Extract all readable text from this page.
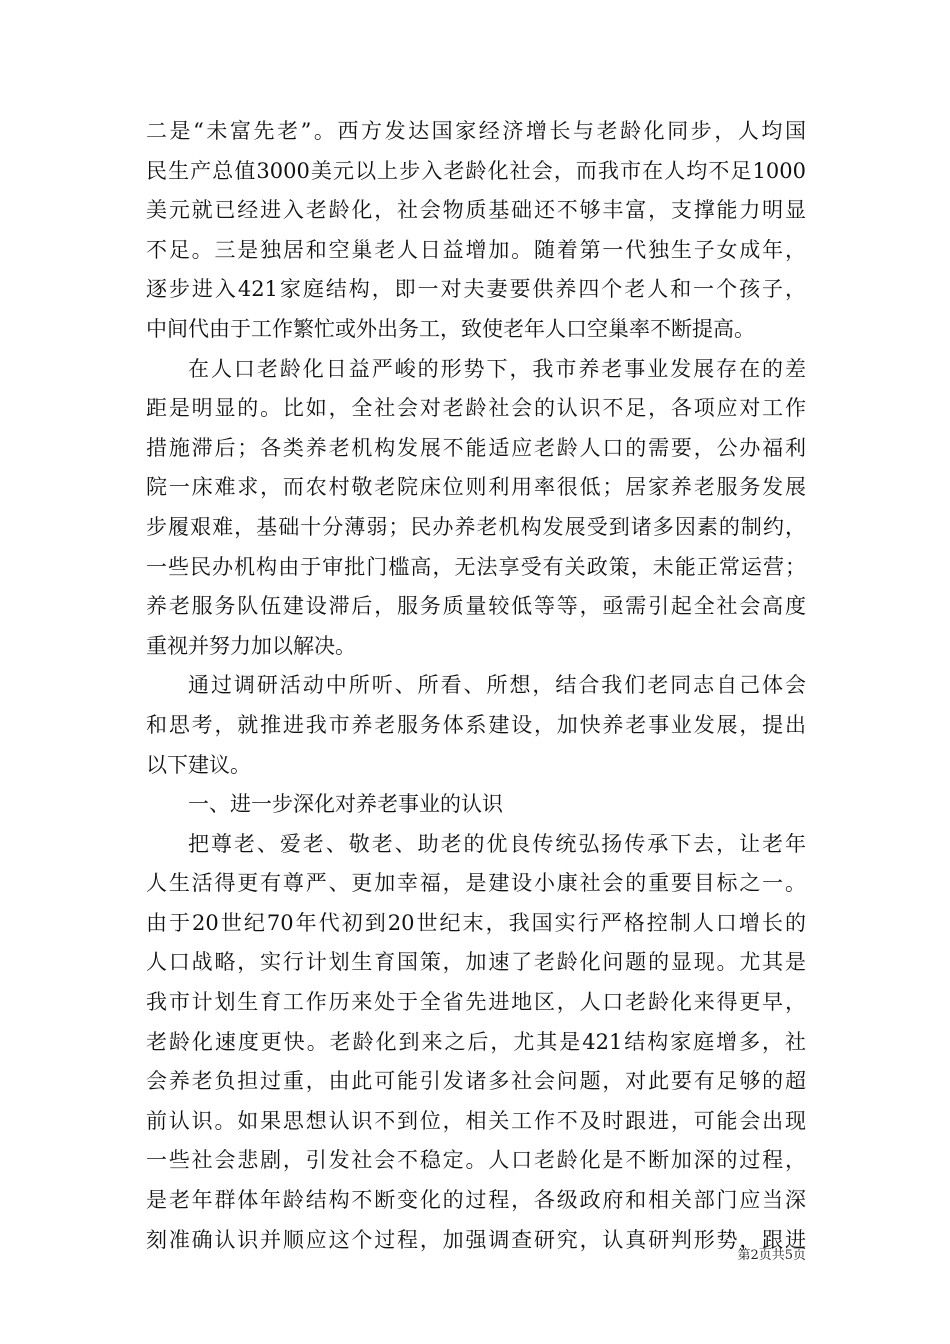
二是“未富先老”。西方发达国家经济增长与老龄化同步，人均国
民生产总值3000美元以上步入老龄化社会，而我市在人均不足1000
美元就已经进入老龄化，社会物质基础还不够丰富，支撑能力明显
不足。三是独居和空巢老人日益增加。随着第一代独生子女成年，
逐步进入421家庭结构，即一对夫妻要供养四个老人和一个孩子，
中间代由于工作繁忙或外出务工，致使老年人口空巢率不断提高。
在人口老龄化日益严峻的形势下，我市养老事业发展存在的差
距是明显的。比如，全社会对老龄社会的认识不足，各项应对工作
措施滞后；各类养老机构发展不能适应老龄人口的需要，公办福利
院一床难求，而农村敬老院床位则利用率很低；居家养老服务发展
步履艰难，基础十分薄弱；民办养老机构发展受到诸多因素的制约，
一些民办机构由于审批门槛高，无法享受有关政策，未能正常运营；
养老服务队伍建设滞后，服务质量较低等等，亟需引起全社会高度
重视并努力加以解决。
通过调研活动中所听、所看、所想，结合我们老同志自己体会
和思考，就推进我市养老服务体系建设，加快养老事业发展，提出
以下建议。
一、进一步深化对养老事业的认识
把尊老、爱老、敬老、助老的优良传统弘扬传承下去，让老年
人生活得更有尊严、更加幸福，是建设小康社会的重要目标之一。
由于20世纪70年代初到20世纪末，我国实行严格控制人口增长的
人口战略，实行计划生育国策，加速了老龄化问题的显现。尤其是
我市计划生育工作历来处于全省先进地区，人口老龄化来得更早，
老龄化速度更快。老龄化到来之后，尤其是421结构家庭增多，社
会养老负担过重，由此可能引发诸多社会问题，对此要有足够的超
前认识。如果思想认识不到位，相关工作不及时跟进，可能会出现
一些社会悲剧，引发社会不稳定。人口老龄化是不断加深的过程，
是老年群体年龄结构不断变化的过程，各级政府和相关部门应当深
刻准确认识并顺应这个过程，加强调查研究，认真研判形势，跟进
第2页共5页
